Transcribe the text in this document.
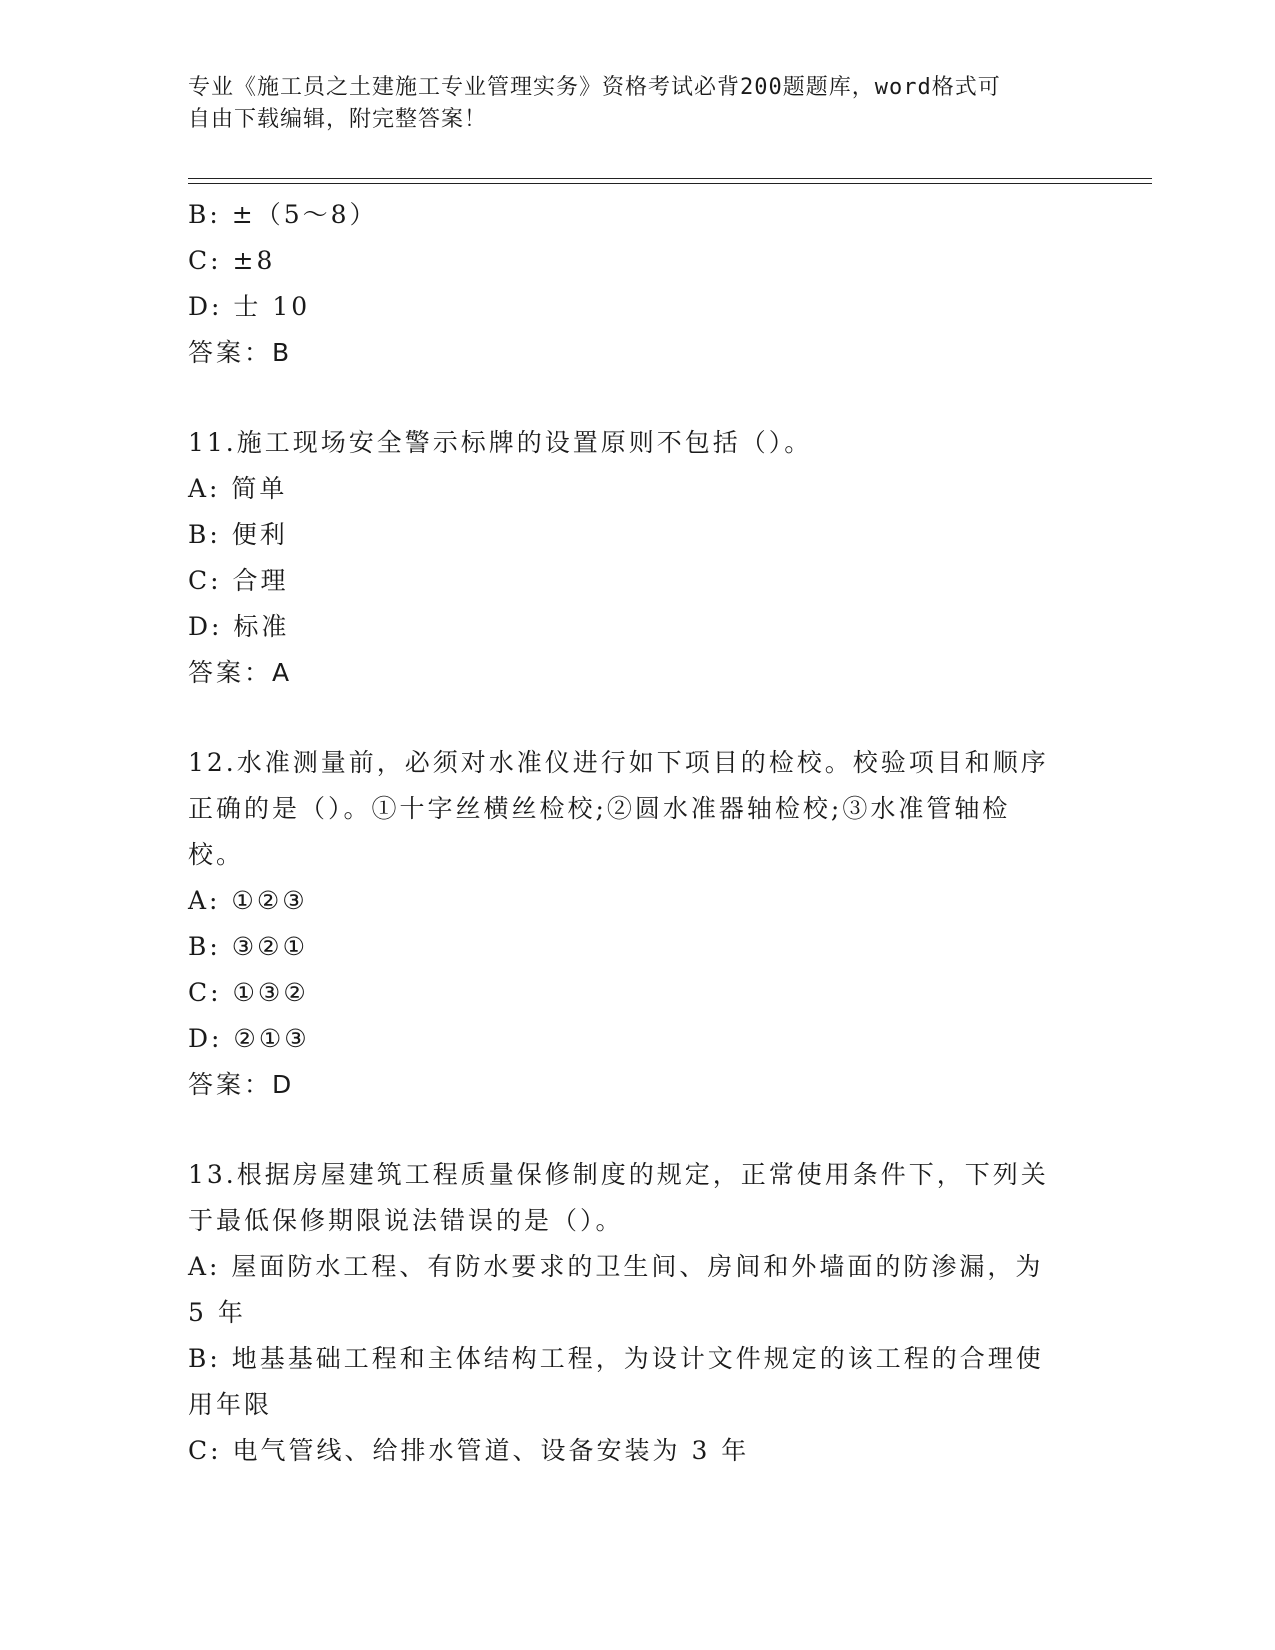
专业《施工员之土建施工专业管理实务》资格考试必背200题题库，word格式可
自由下载编辑，附完整答案！
B: ±（5～8）
C: ±8
D: 士 10
答案：B
11.施工现场安全警示标牌的设置原则不包括（）。
A: 简单
B: 便利
C: 合理
D: 标准
答案：A
12.水准测量前，必须对水准仪进行如下项目的检校。校验项目和顺序
正确的是（）。①十字丝横丝检校;②圆水准器轴检校;③水准管轴检
校。
A: ①②③
B: ③②①
C: ①③②
D: ②①③
答案：D
13.根据房屋建筑工程质量保修制度的规定，正常使用条件下，下列关
于最低保修期限说法错误的是（）。
A: 屋面防水工程、有防水要求的卫生间、房间和外墙面的防渗漏，为
5 年
B: 地基基础工程和主体结构工程，为设计文件规定的该工程的合理使
用年限
C: 电气管线、给排水管道、设备安装为 3 年
